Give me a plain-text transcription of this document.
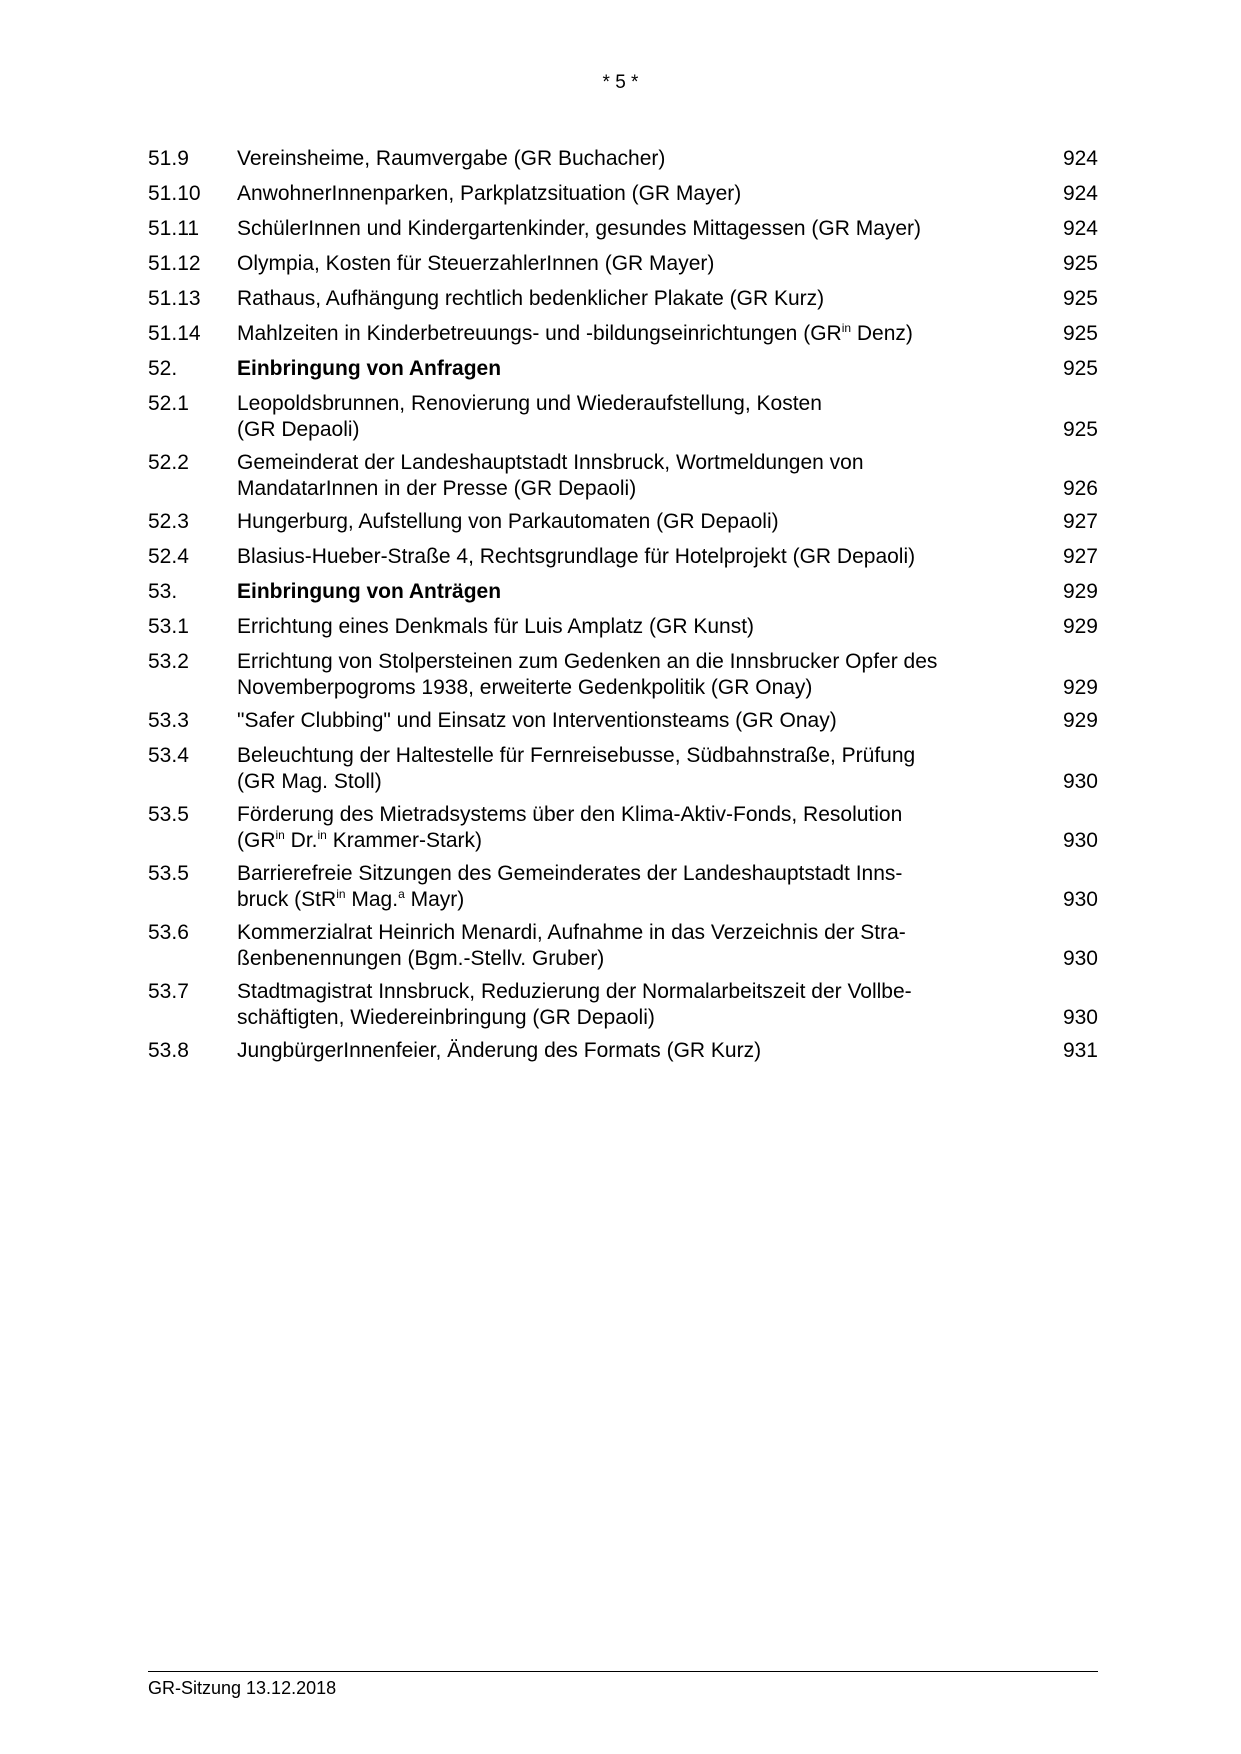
* 5 *
51.9	Vereinsheime, Raumvergabe (GR Buchacher)	924
51.10	AnwohnerInnenparken, Parkplatzsituation (GR Mayer)	924
51.11	SchülerInnen und Kindergartenkinder, gesundes Mittagessen (GR Mayer)	924
51.12	Olympia, Kosten für SteuerzahlerInnen (GR Mayer)	925
51.13	Rathaus, Aufhängung rechtlich bedenklicher Plakate (GR Kurz)	925
51.14	Mahlzeiten in Kinderbetreuungs- und -bildungseinrichtungen ($GR^{in}$ Denz)	925
52.	Einbringung von Anfragen	925
52.1	Leopoldsbrunnen, Renovierung und Wiederaufstellung, Kosten
(GR Depaoli)	925
52.2	Gemeinderat der Landeshauptstadt Innsbruck, Wortmeldungen von
MandatarInnen in der Presse (GR Depaoli)	926
52.3	Hungerburg, Aufstellung von Parkautomaten (GR Depaoli)	927
52.4	Blasius-Hueber-Straße 4, Rechtsgrundlage für Hotelprojekt (GR Depaoli)	927
53.	Einbringung von Anträgen	929
53.1	Errichtung eines Denkmals für Luis Amplatz (GR Kunst)	929
53.2	Errichtung von Stolpersteinen zum Gedenken an die Innsbrucker Opfer des
Novemberpogroms 1938, erweiterte Gedenkpolitik (GR Onay)	929
53.3	"Safer Clubbing" und Einsatz von Interventionsteams (GR Onay)	929
53.4	Beleuchtung der Haltestelle für Fernreisebusse, Südbahnstraße, Prüfung
(GR Mag. Stoll)	930
53.5	Förderung des Mietradsystems über den Klima-Aktiv-Fonds, Resolution
($GR^{in}$ Dr.$^{in}$ Krammer-Stark)	930
53.5	Barrierefreie Sitzungen des Gemeinderates der Landeshauptstadt Inns-
bruck (StR$^{in}$ Mag.$^a$ Mayr)	930
53.6	Kommerzialrat Heinrich Menardi, Aufnahme in das Verzeichnis der Stra-
ßenbenennungen (Bgm.-Stellv. Gruber)	930
53.7	Stadtmagistrat Innsbruck, Reduzierung der Normalarbeitszeit der Vollbe-
schäftigten, Wiedereinbringung (GR Depaoli)	930
53.8	JungbürgerInnenfeier, Änderung des Formats (GR Kurz)	931
GR-Sitzung 13.12.2018
